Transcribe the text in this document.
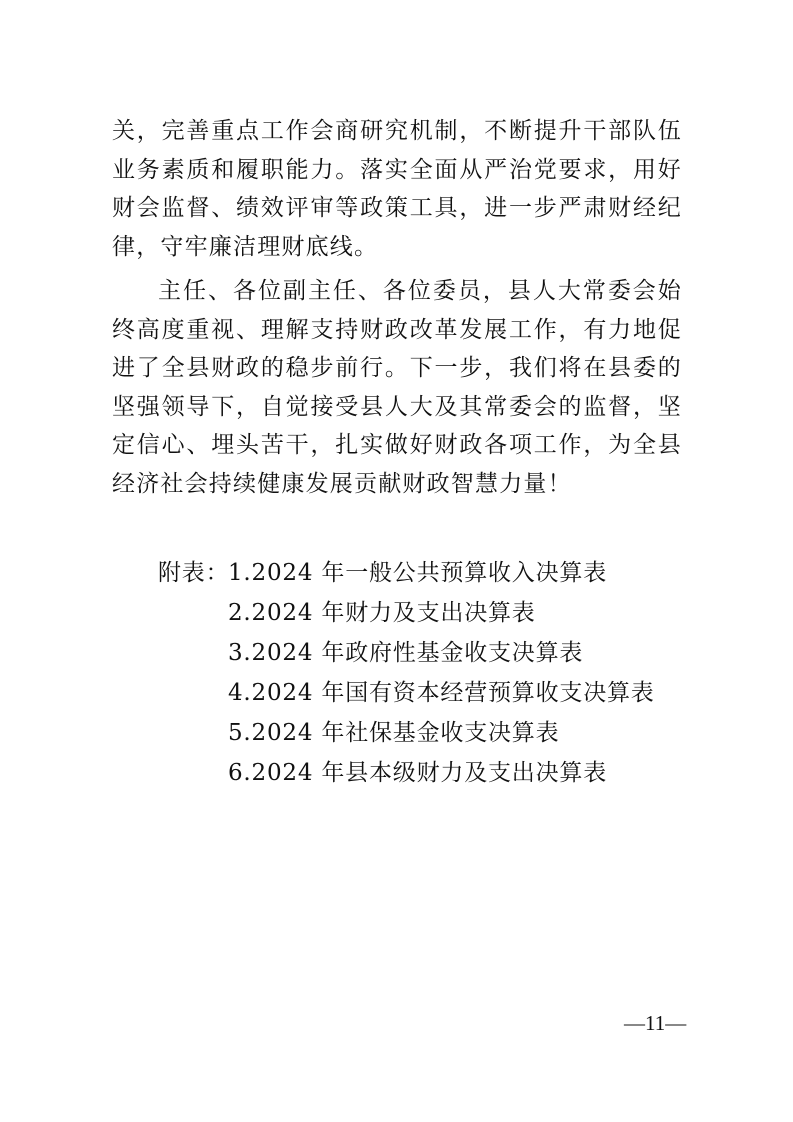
关，完善重点工作会商研究机制，不断提升干部队伍业务素质和履职能力。落实全面从严治党要求，用好财会监督、绩效评审等政策工具，进一步严肃财经纪律，守牢廉洁理财底线。

主任、各位副主任、各位委员，县人大常委会始终高度重视、理解支持财政改革发展工作，有力地促进了全县财政的稳步前行。下一步，我们将在县委的坚强领导下，自觉接受县人大及其常委会的监督，坚定信心、埋头苦干，扎实做好财政各项工作，为全县经济社会持续健康发展贡献财政智慧力量！

附表：
1.2024 年一般公共预算收入决算表
2.2024 年财力及支出决算表
3.2024 年政府性基金收支决算表
4.2024 年国有资本经营预算收支决算表
5.2024 年社保基金收支决算表
6.2024 年县本级财力及支出决算表
—11—
